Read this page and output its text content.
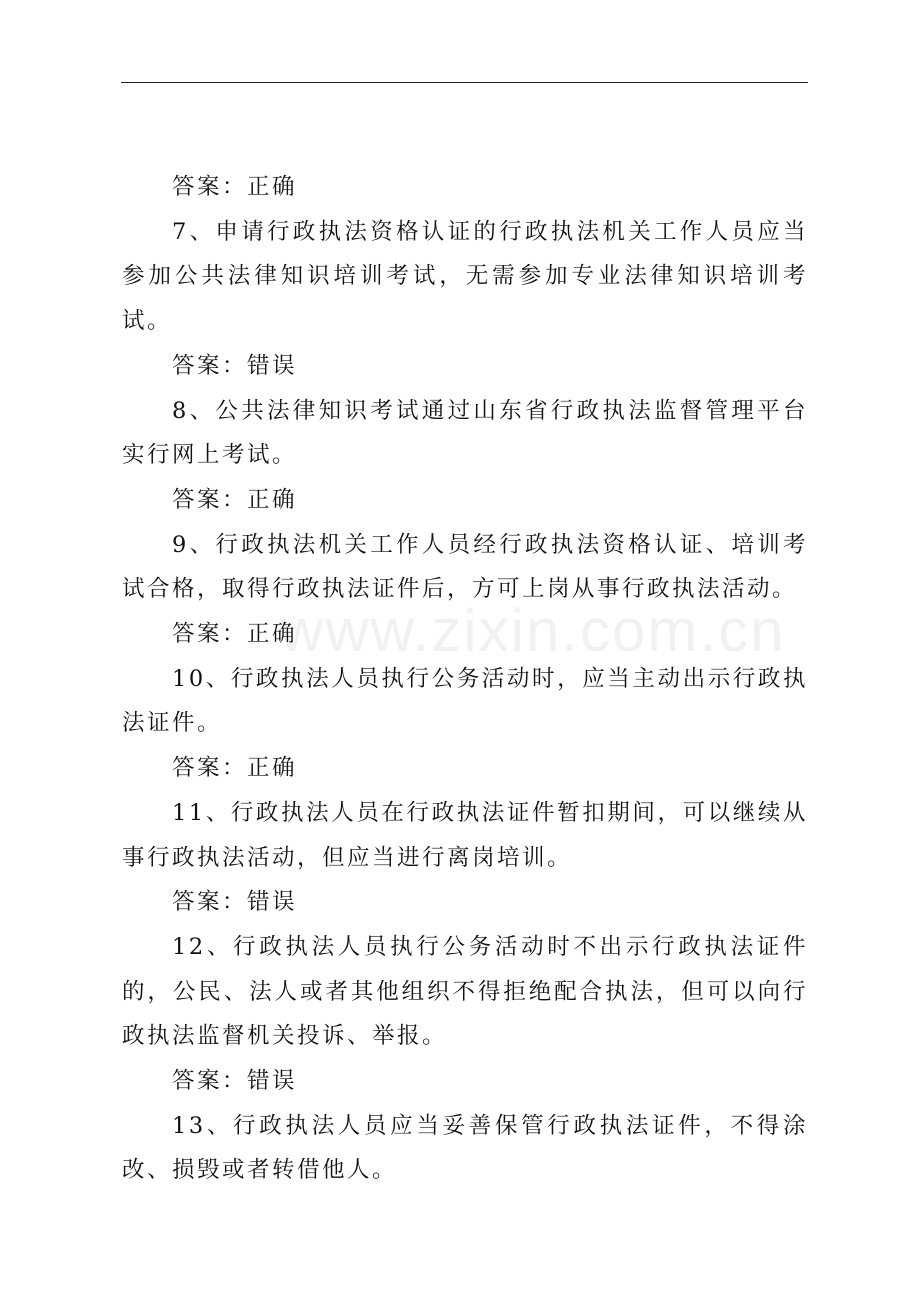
www.zixin.com.cn

答案：正确

7、申请行政执法资格认证的行政执法机关工作人员应当参加公共法律知识培训考试，无需参加专业法律知识培训考试。

答案：错误

8、公共法律知识考试通过山东省行政执法监督管理平台实行网上考试。

答案：正确

9、行政执法机关工作人员经行政执法资格认证、培训考试合格，取得行政执法证件后，方可上岗从事行政执法活动。

答案：正确

10、行政执法人员执行公务活动时，应当主动出示行政执法证件。

答案：正确

11、行政执法人员在行政执法证件暂扣期间，可以继续从事行政执法活动，但应当进行离岗培训。

答案：错误

12、行政执法人员执行公务活动时不出示行政执法证件的，公民、法人或者其他组织不得拒绝配合执法，但可以向行政执法监督机关投诉、举报。

答案：错误

13、行政执法人员应当妥善保管行政执法证件，不得涂改、损毁或者转借他人。
